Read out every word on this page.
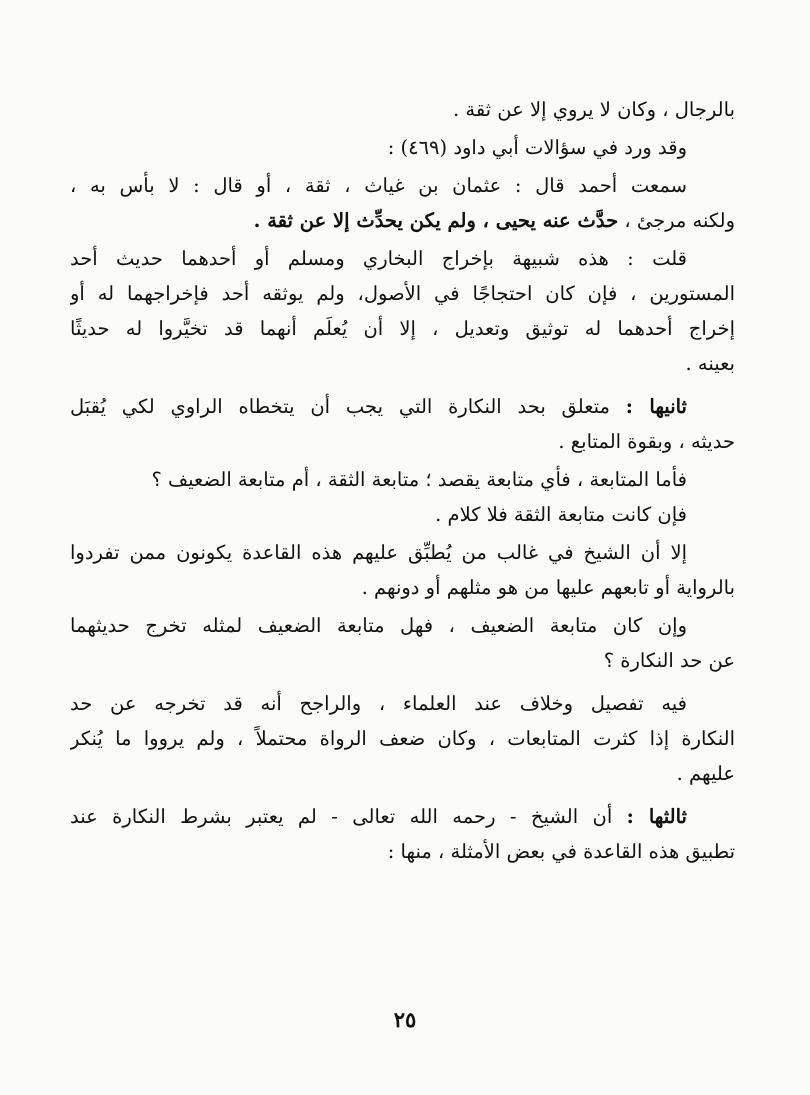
بالرجال ، وكان لا يروي إلا عن ثقة .
وقد ورد في سؤالات أبي داود (٤٦٩) :
سمعت أحمد قال : عثمان بن غياث ، ثقة ، أو قال : لا بأس به ،
ولكنه مرجئ ، حدَّث عنه يحيى ، ولم يكن يحدِّث إلا عن ثقة .
قلت : هذه شبيهة بإخراج البخاري ومسلم أو أحدهما حديث أحد
المستورين ، فإن كان احتجاجًا في الأصول، ولم يوثقه أحد فإخراجهما له أو
إخراج أحدهما له توثيق وتعديل ، إلا أن يُعلَم أنهما قد تخيَّروا له حديثًا
بعينه .
ثانيها : متعلق بحد النكارة التي يجب أن يتخطاه الراوي لكي يُقبَل
حديثه ، وبقوة المتابع .
فأما المتابعة ، فأي متابعة يقصد ؛ متابعة الثقة ، أم متابعة الضعيف ؟
فإن كانت متابعة الثقة فلا كلام .
إلا أن الشيخ في غالب من يُطبِّق عليهم هذه القاعدة يكونون ممن تفردوا
بالرواية أو تابعهم عليها من هو مثلهم أو دونهم .
وإن كان متابعة الضعيف ، فهل متابعة الضعيف لمثله تخرج حديثهما
عن حد النكارة ؟
فيه تفصيل وخلاف عند العلماء ، والراجح أنه قد تخرجه عن حد
النكارة إذا كثرت المتابعات ، وكان ضعف الرواة محتملاً ، ولم يرووا ما يُنكر
عليهم .
ثالثها : أن الشيخ - رحمه الله تعالى - لم يعتبر بشرط النكارة عند
تطبيق هذه القاعدة في بعض الأمثلة ، منها :
٢٥
